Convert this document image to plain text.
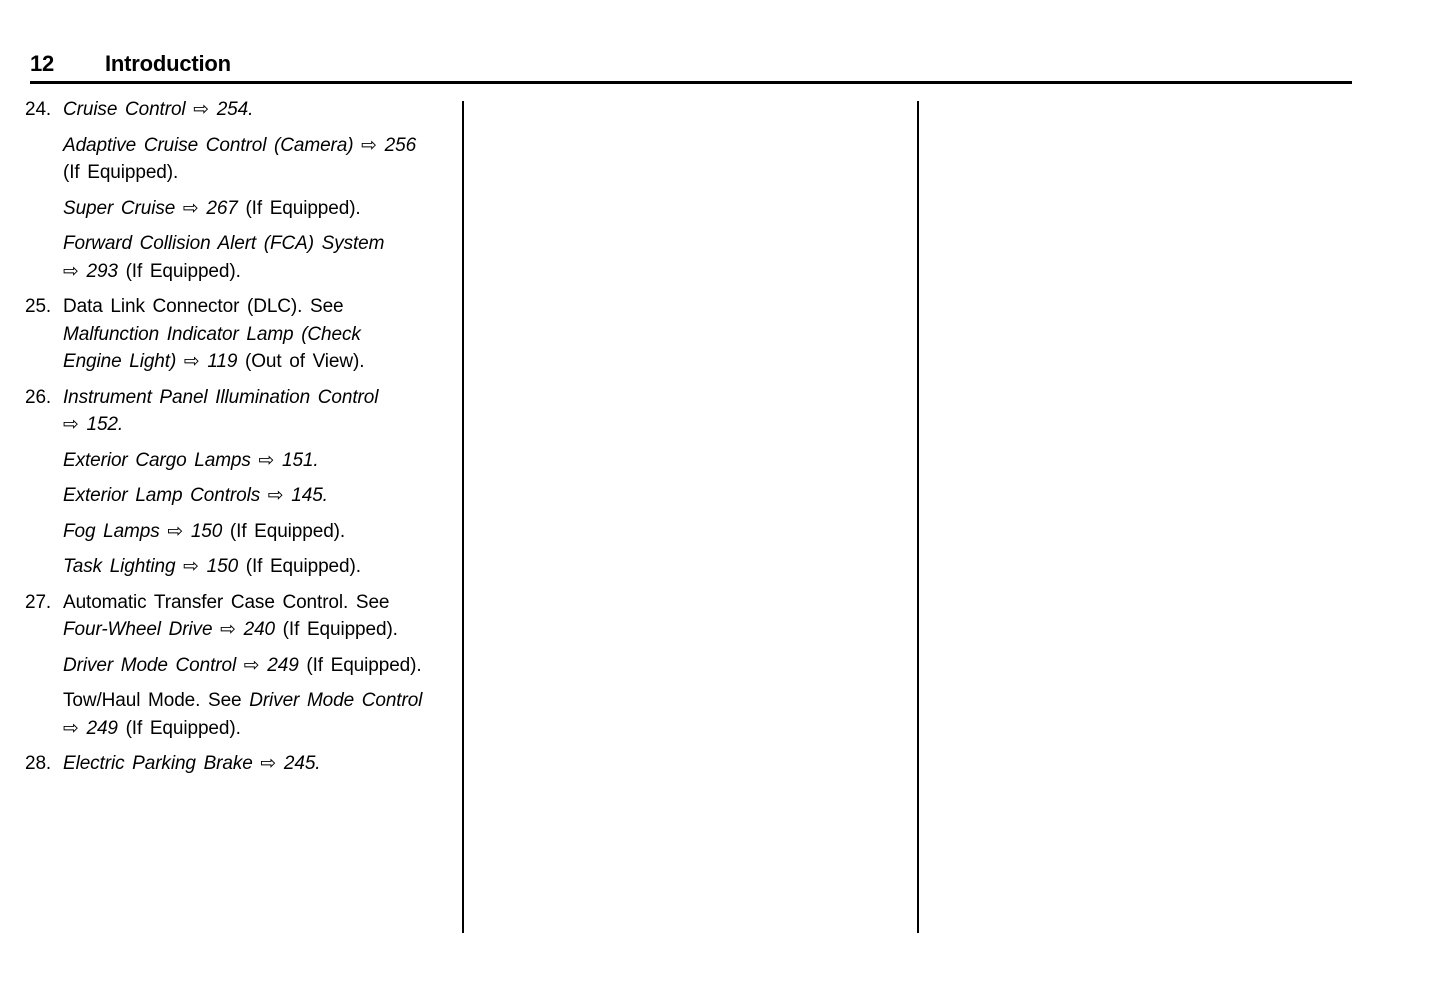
12	Introduction
24. Cruise Control ⇨ 254.
Adaptive Cruise Control (Camera) ⇨ 256
(If Equipped).
Super Cruise ⇨ 267 (If Equipped).
Forward Collision Alert (FCA) System
⇨ 293 (If Equipped).
25. Data Link Connector (DLC). See
Malfunction Indicator Lamp (Check
Engine Light) ⇨ 119 (Out of View).
26. Instrument Panel Illumination Control
⇨ 152.
Exterior Cargo Lamps ⇨ 151.
Exterior Lamp Controls ⇨ 145.
Fog Lamps ⇨ 150 (If Equipped).
Task Lighting ⇨ 150 (If Equipped).
27. Automatic Transfer Case Control. See
Four-Wheel Drive ⇨ 240 (If Equipped).
Driver Mode Control ⇨ 249 (If Equipped).
Tow/Haul Mode. See Driver Mode Control
⇨ 249 (If Equipped).
28. Electric Parking Brake ⇨ 245.
